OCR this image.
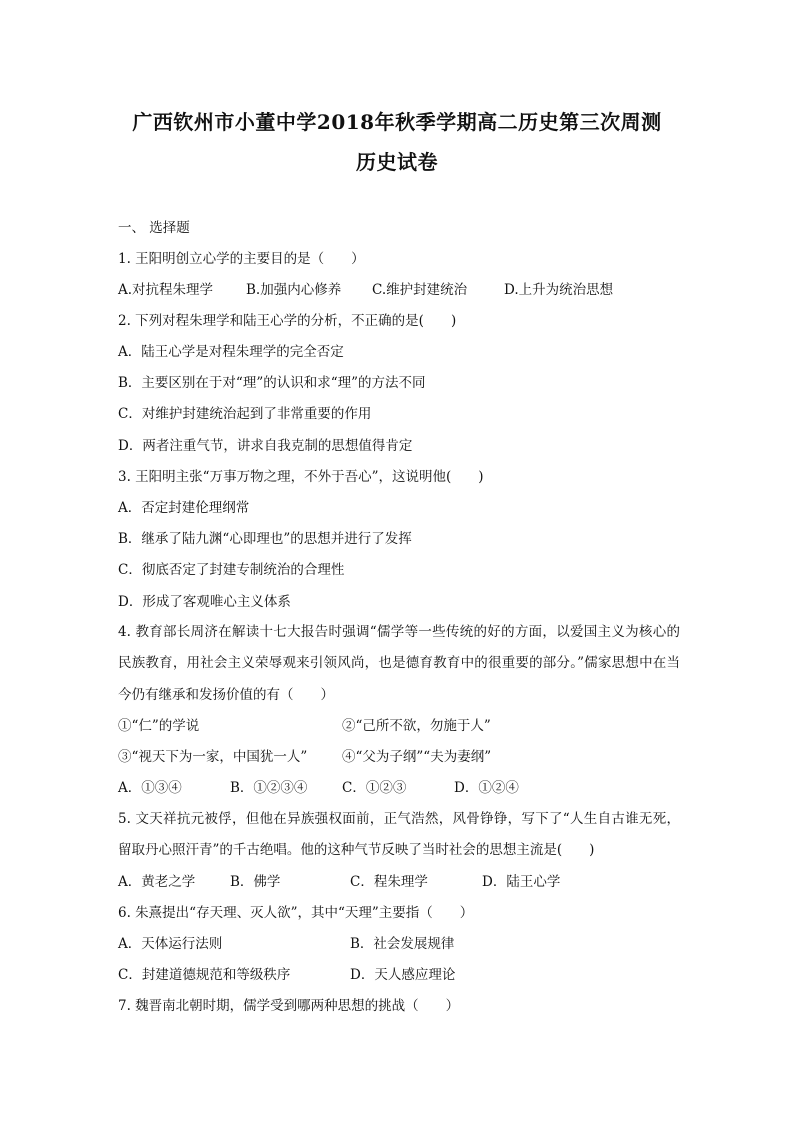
广西钦州市小董中学2018年秋季学期高二历史第三次周测
历史试卷
一、 选择题
1. 王阳明创立心学的主要目的是（　　）
A.对抗程朱理学 B.加强内心修养 C.维护封建统治	D.上升为统治思想
2. 下列对程朱理学和陆王心学的分析，不正确的是(　　)
A．陆王心学是对程朱理学的完全否定
B．主要区别在于对“理”的认识和求“理”的方法不同
C．对维护封建统治起到了非常重要的作用
D．两者注重气节，讲求自我克制的思想值得肯定
3. 王阳明主张“万事万物之理，不外于吾心”，这说明他(　　)
A．否定封建伦理纲常
B．继承了陆九渊“心即理也”的思想并进行了发挥
C．彻底否定了封建专制统治的合理性
D．形成了客观唯心主义体系
4. 教育部长周济在解读十七大报告时强调“儒学等一些传统的好的方面，以爱国主义为核心的民族教育，用社会主义荣辱观来引领风尚，也是德育教育中的很重要的部分。”儒家思想中在当今仍有继承和发扬价值的有（　　）
①“仁”的学说	②“己所不欲，勿施于人”
③“视天下为一家，中国犹一人”	④“父为子纲”“夫为妻纲”
A．①③④	B．①②③④	C．①②③	D．①②④
5. 文天祥抗元被俘，但他在异族强权面前，正气浩然，风骨铮铮，写下了“人生自古谁无死，留取丹心照汗青”的千古绝唱。他的这种气节反映了当时社会的思想主流是(　　)
A．黄老之学	B．佛学	C．程朱理学	D．陆王心学
6. 朱熹提出“存天理、灭人欲”，其中“天理”主要指（　　）
A．天体运行法则	B．社会发展规律
C．封建道德规范和等级秩序	D．天人感应理论
7. 魏晋南北朝时期，儒学受到哪两种思想的挑战（　　）
